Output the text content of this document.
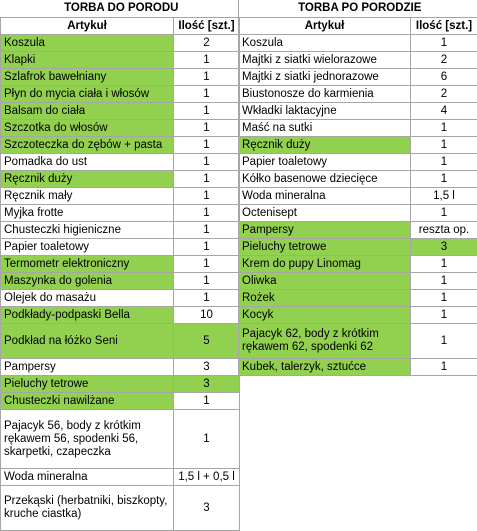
TORBA DO PORODU	
Artykuł	Ilość [szt.]
Koszula	2
Klapki	1
Szlafrok bawełniany	1
Płyn do mycia ciała i włosów	1
Balsam do ciała	1
Szczotka do włosów	1
Szczoteczka do zębów + pasta	1
Pomadka do ust	1
Ręcznik duży	1
Ręcznik mały	1
Myjka frotte	1
Chusteczki higieniczne	1
Papier toaletowy	1
Termometr elektroniczny	1
Maszynka do golenia	1
Olejek do masażu	1
Podkłady-podpaski Bella	10
Podkład na łóżko Seni	5
Pampersy	3
Pieluchy tetrowe	3
Chusteczki nawilżane	1
Pajacyk 56, body z krótkim rękawem 56, spodenki 56, skarpetki, czapeczka	1
Woda mineralna	1,5 l + 0,5 l
Przekąski (herbatniki, biszkopty, kruche ciastka)	3
TORBA PO PORODZIE	
Artykuł	Ilość [szt.]
Koszula	1
Majtki z siatki wielorazowe	2
Majtki z siatki jednorazowe	6
Biustonosze do karmienia	2
Wkładki laktacyjne	4
Maść na sutki	1
Ręcznik duży	1
Papier toaletowy	1
Kółko basenowe dziecięce	1
Woda mineralna	1,5 l
Octenisept	1
Pampersy	reszta op.
Pieluchy tetrowe	3
Krem do pupy Linomag	1
Oliwka	1
Rożek	1
Kocyk	1
Pajacyk 62, body z krótkim rękawem 62, spodenki 62	1
Kubek, talerzyk, sztućce	1
